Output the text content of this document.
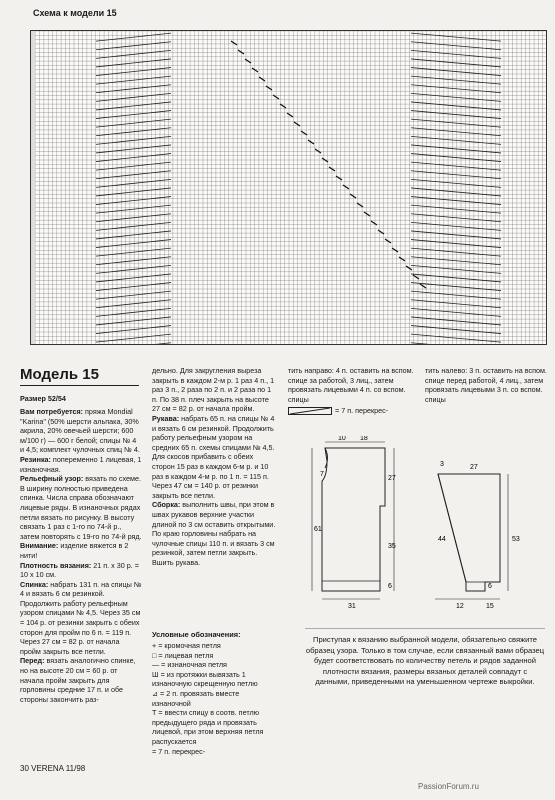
Схема к модели 15
Модель 15
Размер 52/54

Вам потребуется: пряжа Mondial "Karina" (50% шерсти альпака, 30% акрила, 20% овечьей шерсти; 600 м/100 г) — 600 г белой; спицы № 4 и 4,5; комплект чулочных спиц № 4.

Резинка: попеременно 1 лицевая, 1 изнаночная.

Рельефный узор: вязать по схеме. В ширину полностью приведена спинка. Числа справа обозначают лицевые ряды. В изнаночных рядах петли вязать по рисунку. В высоту связать 1 раз с 1-го по 74-й р., затем повторять с 19-го по 74-й ряд.

Внимание: изделие вяжется в 2 нити!

Плотность вязания: 21 п. х 30 р. = 10 х 10 см.

Спинка: набрать 131 п. на спицы № 4 и вязать 6 см резинкой. Продолжить работу рельефным узором спицами № 4,5. Через 35 см = 104 р. от резинки закрыть с обеих сторон для пройм по 6 п. = 119 п. Через 27 см = 82 р. от начала пройм закрыть все петли.

Перед: вязать аналогично спинке, но на высоте 20 см = 60 р. от начала пройм закрыть для горловины средние 17 п. и обе стороны закончить раз-

дельно. Для закругления выреза закрыть в каждом 2-м р. 1 раз 4 п., 1 раз 3 п., 2 раза по 2 п. и 2 раза по 1 п. По 38 п. плеч закрыть на высоте 27 см = 82 р. от начала пройм.

Рукава: набрать 65 п. на спицы № 4 и вязать 6 см резинкой. Продолжить работу рельефным узором на средних 65 п. схемы спицами № 4,5. Для скосов прибавить с обеих сторон 15 раз в каждом 6-м р. и 10 раз в каждом 4-м р. по 1 п. = 115 п. Через 47 см = 140 р. от резинки закрыть все петли.

Сборка: выполнить швы, при этом в швах рукавов верхние участки длиной по 3 см оставить открытыми. По краю горловины набрать на чулочные спицы 110 п. и вязать 3 см резинкой, затем петли закрыть. Вшить рукава.

тить направо: 4 п. оставить на вспом. спице за работой, 3 лиц., затем провязать лицевыми 4 п. со вспом. спицы
= 7 п. перекрес-
тить налево: 3 п. оставить на вспом. спице перед работой, 4 лиц., затем провязать лицевыми 3 п. со вспом. спицы
10 18
27
7
61
35
6
31
3	27
44	53
6
12	15
Условные обозначения:
+ = кромочная петля
□ = лицевая петля
— = изнаночная петля
Ш = из протяжки вывязать 1 изнаночную скрещенную петлю
⊿ = 2 п. провязать вместе изнаночной
Т = ввести спицу в соотв. петлю предыдущего ряда и провязать лицевой, при этом верхняя петля распускается
= 7 п. перекрес-
Приступая к вязанию выбранной модели, обязательно свяжите образец узора. Только в том случае, если связанный вами образец будет соответствовать по количеству петель и рядов заданной плотности вязания, размеры вязаных деталей совпадут с данными, приведенными на уменьшенном чертеже выкройки.
30 VERENA 11/98
PassionForum.ru
